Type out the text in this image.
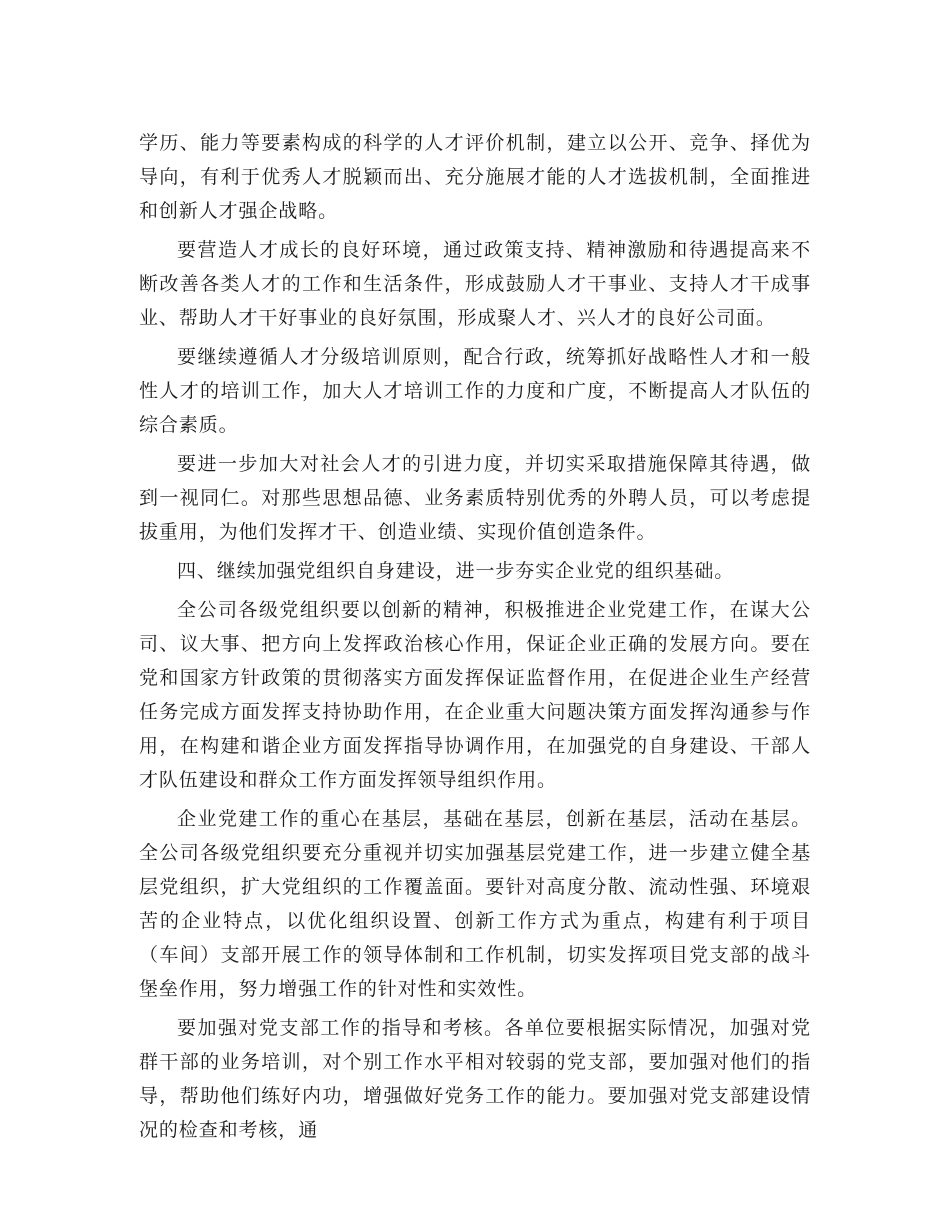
学历、能力等要素构成的科学的人才评价机制，建立以公开、竞争、择优为导向，有利于优秀人才脱颖而出、充分施展才能的人才选拔机制，全面推进和创新人才强企战略。

要营造人才成长的良好环境，通过政策支持、精神激励和待遇提高来不断改善各类人才的工作和生活条件，形成鼓励人才干事业、支持人才干成事业、帮助人才干好事业的良好氛围，形成聚人才、兴人才的良好公司面。

要继续遵循人才分级培训原则，配合行政，统筹抓好战略性人才和一般性人才的培训工作，加大人才培训工作的力度和广度，不断提高人才队伍的综合素质。

要进一步加大对社会人才的引进力度，并切实采取措施保障其待遇，做到一视同仁。对那些思想品德、业务素质特别优秀的外聘人员，可以考虑提拔重用，为他们发挥才干、创造业绩、实现价值创造条件。

四、继续加强党组织自身建设，进一步夯实企业党的组织基础。

全公司各级党组织要以创新的精神，积极推进企业党建工作，在谋大公司、议大事、把方向上发挥政治核心作用，保证企业正确的发展方向。要在党和国家方针政策的贯彻落实方面发挥保证监督作用，在促进企业生产经营任务完成方面发挥支持协助作用，在企业重大问题决策方面发挥沟通参与作用，在构建和谐企业方面发挥指导协调作用，在加强党的自身建设、干部人才队伍建设和群众工作方面发挥领导组织作用。

企业党建工作的重心在基层，基础在基层，创新在基层，活动在基层。全公司各级党组织要充分重视并切实加强基层党建工作，进一步建立健全基层党组织，扩大党组织的工作覆盖面。要针对高度分散、流动性强、环境艰苦的企业特点，以优化组织设置、创新工作方式为重点，构建有利于项目（车间）支部开展工作的领导体制和工作机制，切实发挥项目党支部的战斗堡垒作用，努力增强工作的针对性和实效性。

要加强对党支部工作的指导和考核。各单位要根据实际情况，加强对党群干部的业务培训，对个别工作水平相对较弱的党支部，要加强对他们的指导，帮助他们练好内功，增强做好党务工作的能力。要加强对党支部建设情况的检查和考核，通
